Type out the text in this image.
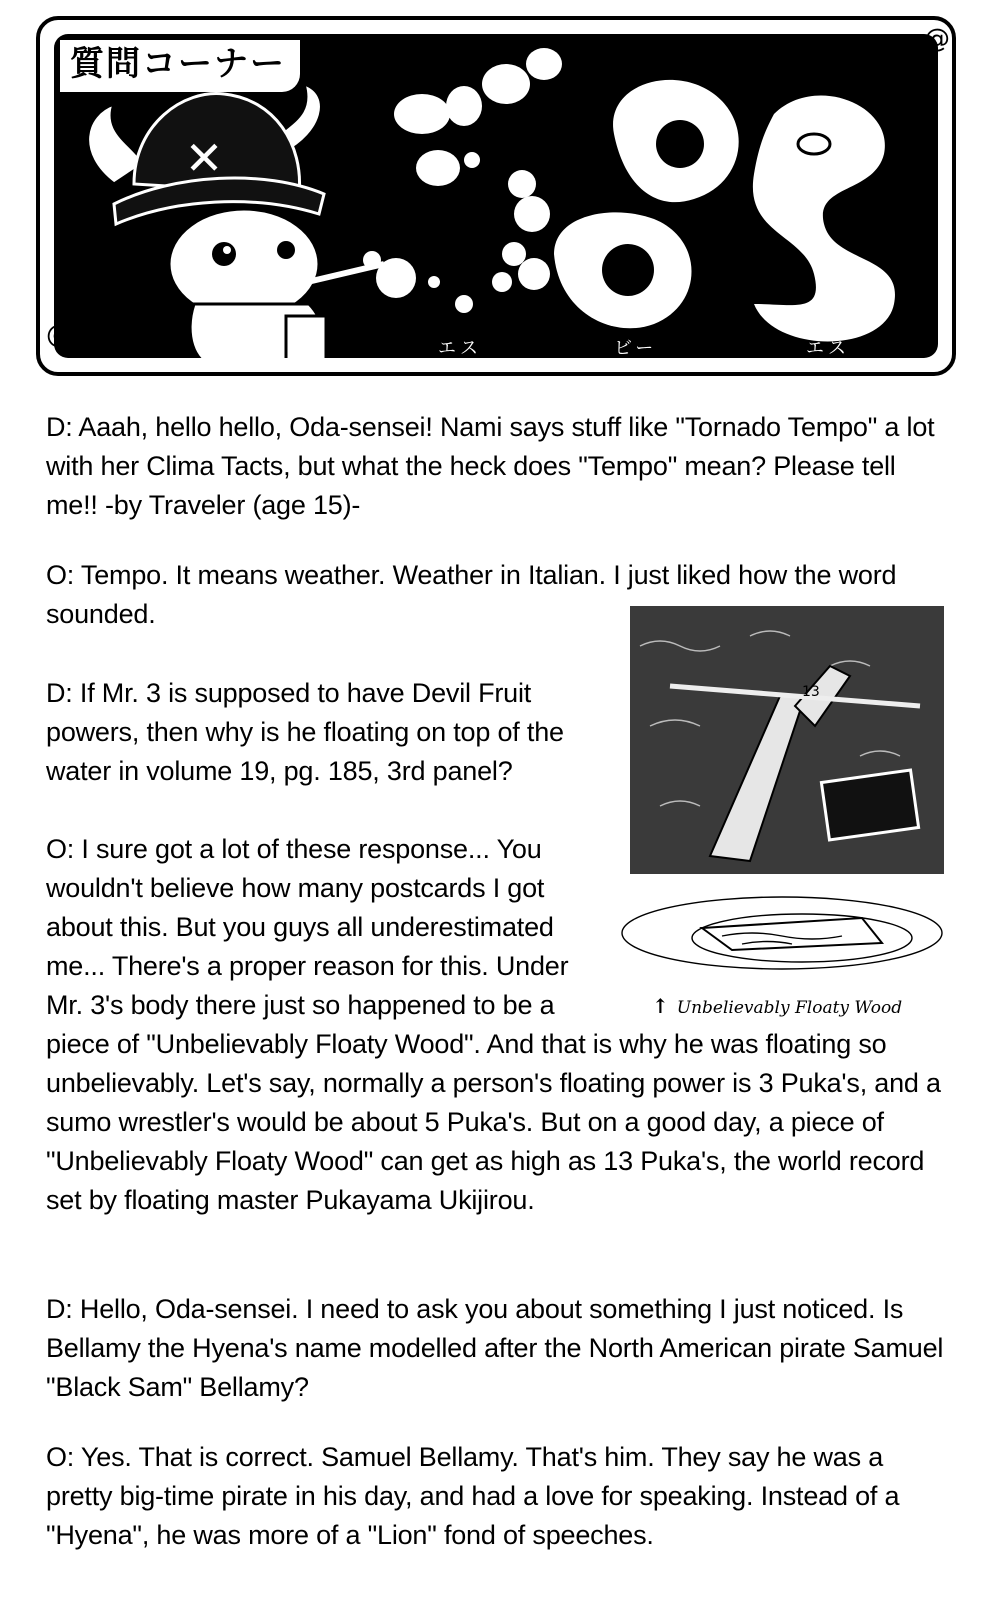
✕
質問コーナー
エス	ビー	エス
@
@
13
↑ Unbelievably Floaty Wood

D: Aaah, hello hello, Oda-sensei! Nami says stuff like "Tornado Tempo" a lot with her Clima Tacts, but what the heck does "Tempo" mean? Please tell me!! -by Traveler (age 15)-

O: Tempo. It means weather. Weather in Italian. I just liked how the word sounded.

D: If Mr. 3 is supposed to have Devil Fruit powers, then why is he floating on top of the water in volume 19, pg. 185, 3rd panel?

O: I sure got a lot of these response... You wouldn't believe how many postcards I got about this. But you guys all underestimated me... There's a proper reason for this. Under Mr. 3's body there just so happened to be a piece of "Unbelievably Floaty Wood". And that is why he was floating so unbelievably. Let's say, normally a person's floating power is 3 Puka's, and a sumo wrestler's would be about 5 Puka's. But on a good day, a piece of "Unbelievably Floaty Wood" can get as high as 13 Puka's, the world record set by floating master Pukayama Ukijirou.

D: Hello, Oda-sensei. I need to ask you about something I just noticed. Is Bellamy the Hyena's name modelled after the North American pirate Samuel "Black Sam" Bellamy?

O: Yes. That is correct. Samuel Bellamy. That's him. They say he was a pretty big-time pirate in his day, and had a love for speaking. Instead of a "Hyena", he was more of a "Lion" fond of speeches.
